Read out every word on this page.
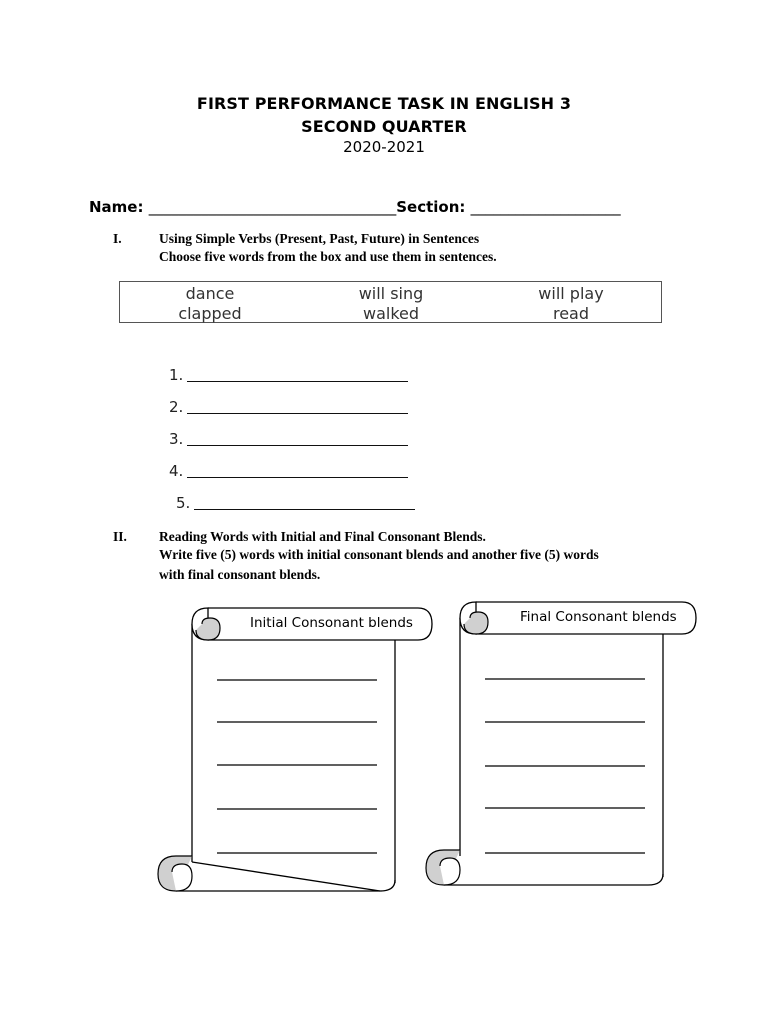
FIRST PERFORMANCE TASK IN ENGLISH 3
SECOND QUARTER
2020-2021
Name: _________________________________Section: ____________________
I.	Using Simple Verbs (Present, Past, Future) in Sentences
Choose five words from the box and use them in sentences.
dance	will sing	will play
clapped	walked	read
1.
2.
3.
4.
5.
II. Reading Words with Initial and Final Consonant Blends.
Write five (5) words with initial consonant blends and another five (5) words
with final consonant blends.
Initial Consonant blends	Final Consonant blends
